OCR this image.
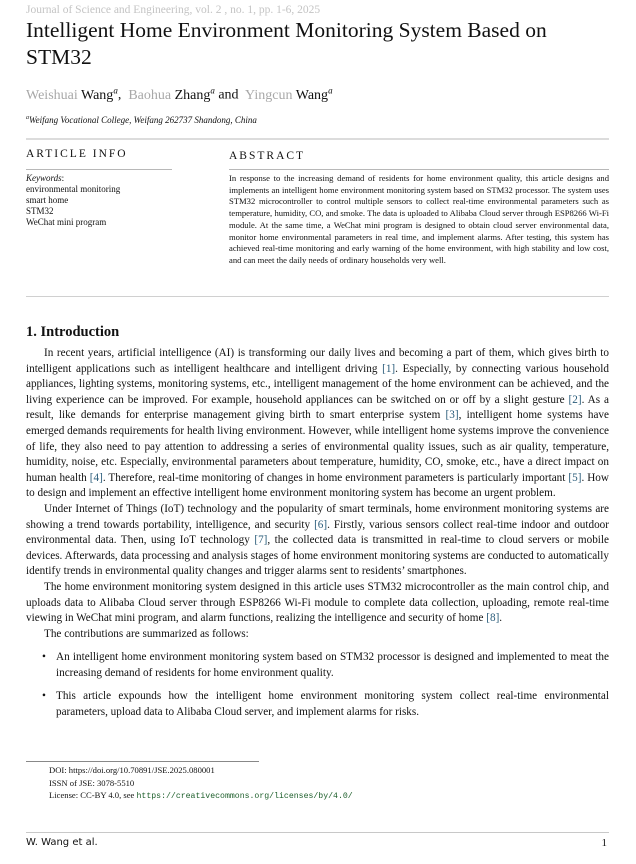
Journal of Science and Engineering, vol. 2 , no. 1, pp. 1-6, 2025
Intelligent Home Environment Monitoring System Based on STM32
Weishuai Wang$^a$,  Baohua Zhang$^a$ and  Yingcun Wang$^a$
$^a$Weifang Vocational College, Weifang 262737 Shandong, China
ARTICLE INFO
Keywords:
environmental monitoring
smart home
STM32
WeChat mini program
ABSTRACT

In response to the increasing demand of residents for home environment quality, this article designs and implements an intelligent home environment monitoring system based on STM32 processor. The system uses STM32 microcontroller to control multiple sensors to collect real-time environmental parameters such as temperature, humidity, CO, and smoke. The data is uploaded to Alibaba Cloud server through ESP8266 Wi-Fi module. At the same time, a WeChat mini program is designed to obtain cloud server environmental data, monitor home environmental parameters in real time, and implement alarms. After testing, this system has achieved real-time monitoring and early warning of the home environment, with high stability and low cost, and can meet the daily needs of ordinary households very well.

1. Introduction

In recent years, artificial intelligence (AI) is transforming our daily lives and becoming a part of them, which gives birth to intelligent applications such as intelligent healthcare and intelligent driving [1]. Especially, by connecting various household appliances, lighting systems, monitoring systems, etc., intelligent management of the home environment can be achieved, and the living experience can be improved. For example, household appliances can be switched on or off by a slight gesture [2]. As a result, like demands for enterprise management giving birth to smart enterprise system [3], intelligent home systems have emerged demands requirements for health living environment. However, while intelligent home systems improve the convenience of life, they also need to pay attention to addressing a series of environmental quality issues, such as air quality, temperature, humidity, noise, etc. Especially, environmental parameters about temperature, humidity, CO, smoke, etc., have a direct impact on human health [4]. Therefore, real-time monitoring of changes in home environment parameters is particularly important [5]. How to design and implement an effective intelligent home environment monitoring system has become an urgent problem.

Under Internet of Things (IoT) technology and the popularity of smart terminals, home environment monitoring systems are showing a trend towards portability, intelligence, and security [6]. Firstly, various sensors collect real-time indoor and outdoor environmental data. Then, using IoT technology [7], the collected data is transmitted in real-time to cloud servers or mobile devices. Afterwards, data processing and analysis stages of home environment monitoring systems are conducted to automatically identify trends in environmental quality changes and trigger alarms sent to residents’ smartphones.

The home environment monitoring system designed in this article uses STM32 microcontroller as the main control chip, and uploads data to Alibaba Cloud server through ESP8266 Wi-Fi module to complete data collection, uploading, remote real-time viewing in WeChat mini program, and alarm functions, realizing the intelligence and security of home [8].

The contributions are summarized as follows:

• An intelligent home environment monitoring system based on STM32 processor is designed and implemented to meat the increasing demand of residents for home environment quality.
• This article expounds how the intelligent home environment monitoring system collect real-time environmental parameters, upload data to Alibaba Cloud server, and implement alarms for risks.
DOI: https://doi.org/10.70891/JSE.2025.080001
ISSN of JSE: 3078-5510
License: CC-BY 4.0, see https://creativecommons.org/licenses/by/4.0/
W. Wang et al.	1
